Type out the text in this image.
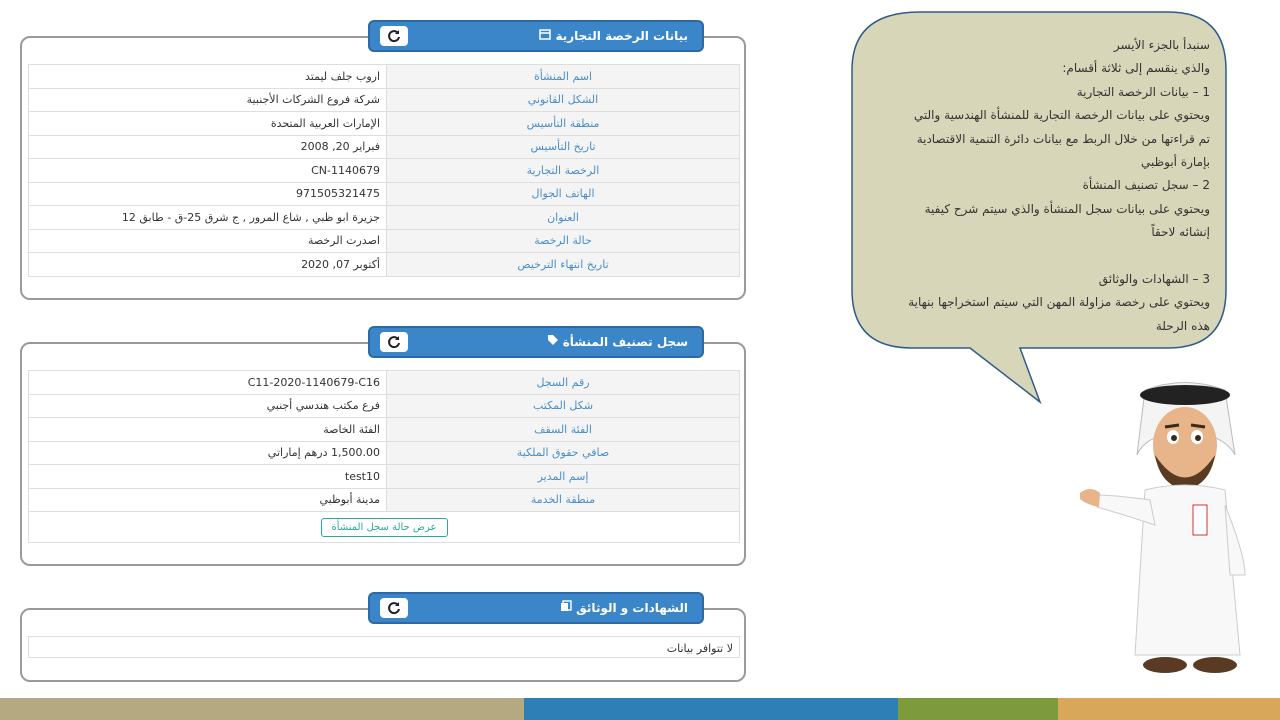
بيانات الرخصة التجارية
اروب جلف ليمتد	اسم المنشأة
شركة فروع الشركات الأجنبية	الشكل القانوني
الإمارات العربية المتحدة	منطقة التأسيس
فبراير 20, 2008	تاريخ التأسيس
CN-1140679	الرخصة التجارية
971505321475	الهاتف الجوال
جزيرة ابو ظبي , شاع المرور , ج شرق 25-ق - طابق 12	العنوان
اصدرت الرخصة	حالة الرخصة
أكتوبر 07, 2020	تاريخ انتهاء الترخيص
سجل تصنيف المنشأة
C11-2020-1140679-C16	رقم السجل
فرع مكتب هندسي أجنبي	شكل المكتب
الفئة الخاصة	الفئة السقف
1,500.00 درهم إماراتي	صافي حقوق الملكية
test10	إسم المدير
مدينة أبوظبي	منطقة الخدمة
عرض حالة سجل المنشأة	
الشهادات و الوثائق
لا تتوافر بيانات
سنبدأ بالجزء الأيسر
والذي ينقسم إلى ثلاثة أقسام:
1 – بيانات الرخصة التجارية
ويحتوي على بيانات الرخصة التجارية للمنشأة الهندسية والتي
تم قراءتها من خلال الربط مع بيانات دائرة التنمية الاقتصادية
بإمارة أبوظبي
2 – سجل تصنيف المنشأة
ويحتوي على بيانات سجل المنشأة والذي سيتم شرح كيفية
إنشائه لاحقاً

3 – الشهادات والوثائق
ويحتوي على رخصة مزاولة المهن التي سيتم استخراجها بنهاية
هذه الرحلة
